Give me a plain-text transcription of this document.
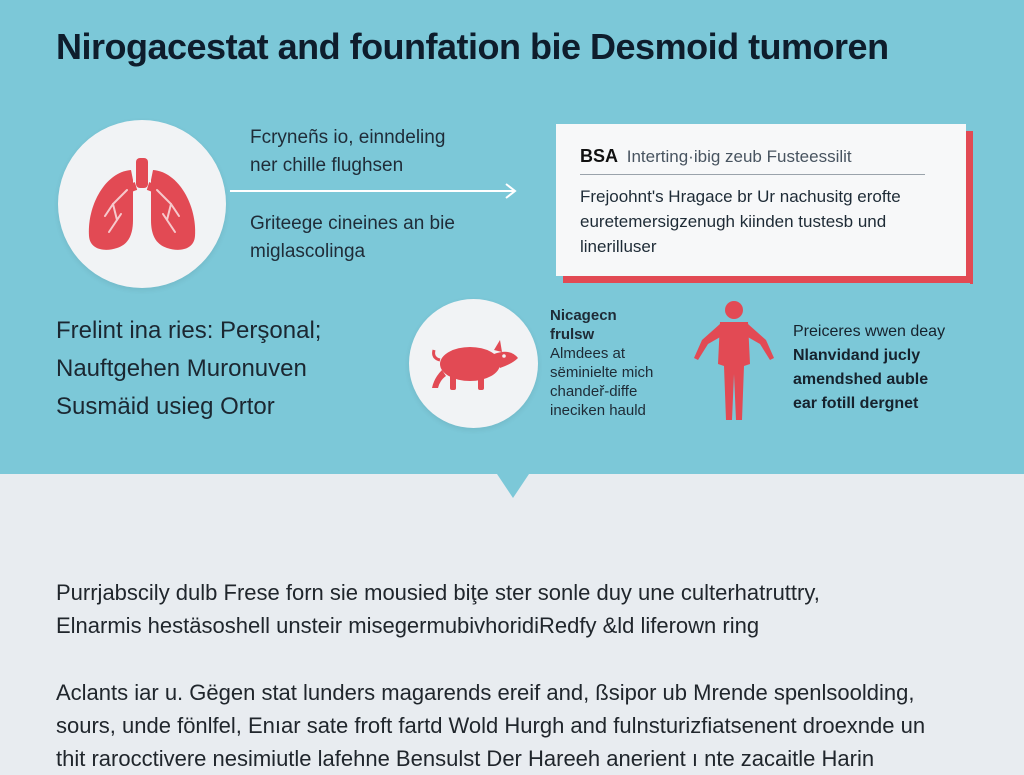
Nirogacestat and founfation bie Desmoid tumoren
Fcryneñs io, einndeling
ner chille flughsen
Griteege cineines an bie
miglascolinga
BSA Interting·ibig zeub Fusteessilit
Frejoohnt's Hragace br Ur nachusitg erofte
euretemersigzenugh kiinden tustesb und
linerilluser
Frelint ina ries: Perşonal;
Nauftgehen Muronuven
Susmäid usieg Ortor
Nicagecn
frulsw
Almdees at
sëminielte mich
chandeř-diffe
ineciken hauld
Preiceres wwen deay
Nlanvidand jucly
amendshed auble
ear fotill dergnet
Purrjabscily dulb Frese forn sie mousied biţe ster sonle duy une culterhatruttry,
Elnarmis hestäsoshell unsteir misegermubivhoridiRedfy &ld liferown ring
Aclants iar u. Gëgen stat lunders magarends ereif and, ßsipor ub Mrende spenlsoolding,
sours, unde fönlfel, Enıar sate froft fartd Wold Hurgh and fulnsturizfiatsenent droexnde un
thit rarocctivere nesimiutle lafehne Bensulst Der Hareeh anerient ı nte zacaitle Harin
